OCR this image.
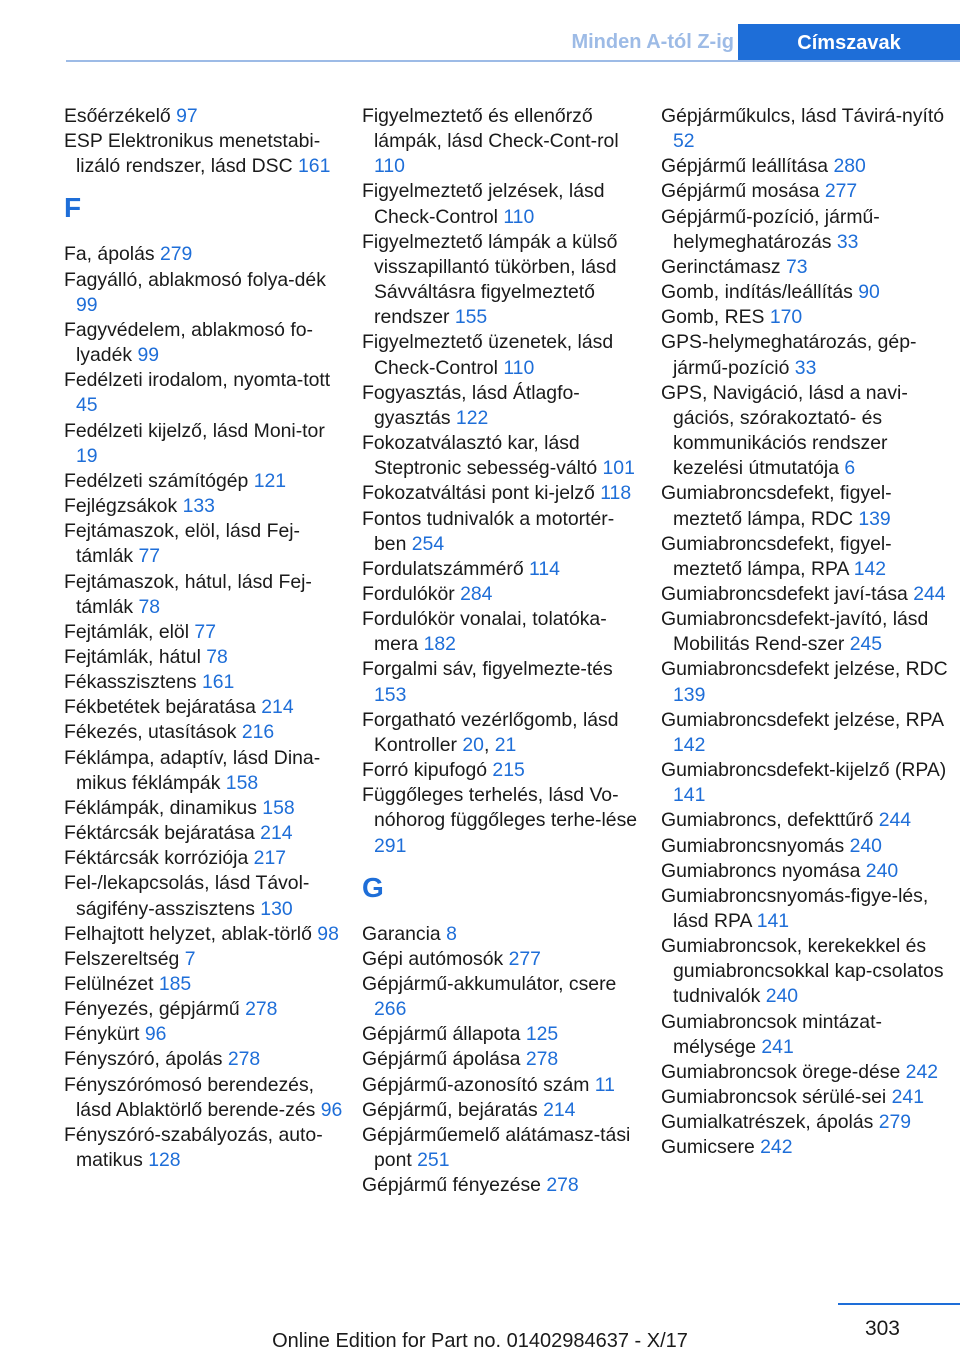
Minden A-tól Z-ig	Címszavak
Esőérzékelő 97
ESP Elektronikus menetstabi-lizáló rendszer, lásd DSC 161
F
Fa, ápolás 279
Fagyálló, ablakmosó folya-dék 99
Fagyvédelem, ablakmosó fo-lyadék 99
Fedélzeti irodalom, nyomta-tott 45
Fedélzeti kijelző, lásd Moni-tor 19
Fedélzeti számítógép 121
Fejlégzsákok 133
Fejtámaszok, elöl, lásd Fej-támlák 77
Fejtámaszok, hátul, lásd Fej-támlák 78
Fejtámlák, elöl 77
Fejtámlák, hátul 78
Fékasszisztens 161
Fékbetétek bejáratása 214
Fékezés, utasítások 216
Féklámpa, adaptív, lásd Dina-mikus féklámpák 158
Féklámpák, dinamikus 158
Féktárcsák bejáratása 214
Féktárcsák korróziója 217
Fel-/lekapcsolás, lásd Távol-ságifény-asszisztens 130
Felhajtott helyzet, ablak-törlő 98
Felszereltség 7
Felülnézet 185
Fényezés, gépjármű 278
Fénykürt 96
Fényszóró, ápolás 278
Fényszórómosó berendezés, lásd Ablaktörlő berende-zés 96
Fényszóró-szabályozás, auto-matikus 128
Figyelmeztető és ellenőrző lámpák, lásd Check-Cont-rol 110
Figyelmeztető jelzések, lásd Check-Control 110
Figyelmeztető lámpák a külső visszapillantó tükörben, lásd Sávváltásra figyelmeztető rendszer 155
Figyelmeztető üzenetek, lásd Check-Control 110
Fogyasztás, lásd Átlagfo-gyasztás 122
Fokozatválasztó kar, lásd Steptronic sebesség-váltó 101
Fokozatváltási pont ki-jelző 118
Fontos tudnivalók a motortér-ben 254
Fordulatszámmérő 114
Fordulókör 284
Fordulókör vonalai, tolatóka-mera 182
Forgalmi sáv, figyelmezte-tés 153
Forgatható vezérlőgomb, lásd Kontroller 20, 21
Forró kipufogó 215
Függőleges terhelés, lásd Vo-nóhorog függőleges terhe-lése 291
G
Garancia 8
Gépi autómosók 277
Gépjármű-akkumulátor, csere 266
Gépjármű állapota 125
Gépjármű ápolása 278
Gépjármű-azonosító szám 11
Gépjármű, bejáratás 214
Gépjárműemelő alátámasz-tási pont 251
Gépjármű fényezése 278
Gépjárműkulcs, lásd Távirá-nyító 52
Gépjármű leállítása 280
Gépjármű mosása 277
Gépjármű-pozíció, jármű-helymeghatározás 33
Gerinctámasz 73
Gomb, indítás/leállítás 90
Gomb, RES 170
GPS-helymeghatározás, gép-jármű-pozíció 33
GPS, Navigáció, lásd a navi-gációs, szórakoztató- és kommunikációs rendszer kezelési útmutatója 6
Gumiabroncsdefekt, figyel-meztető lámpa, RDC 139
Gumiabroncsdefekt, figyel-meztető lámpa, RPA 142
Gumiabroncsdefekt javí-tása 244
Gumiabroncsdefekt-javító, lásd Mobilitás Rend-szer 245
Gumiabroncsdefekt jelzése, RDC 139
Gumiabroncsdefekt jelzése, RPA 142
Gumiabroncsdefekt-kijelző (RPA) 141
Gumiabroncs, defekttűrő 244
Gumiabroncsnyomás 240
Gumiabroncs nyomása 240
Gumiabroncsnyomás-figye-lés, lásd RPA 141
Gumiabroncsok, kerekekkel és gumiabroncsokkal kap-csolatos tudnivalók 240
Gumiabroncsok mintázat-mélysége 241
Gumiabroncsok örege-dése 242
Gumiabroncsok sérülé-sei 241
Gumialkatrészek, ápolás 279
Gumicsere 242
303
Online Edition for Part no. 01402984637 - X/17
